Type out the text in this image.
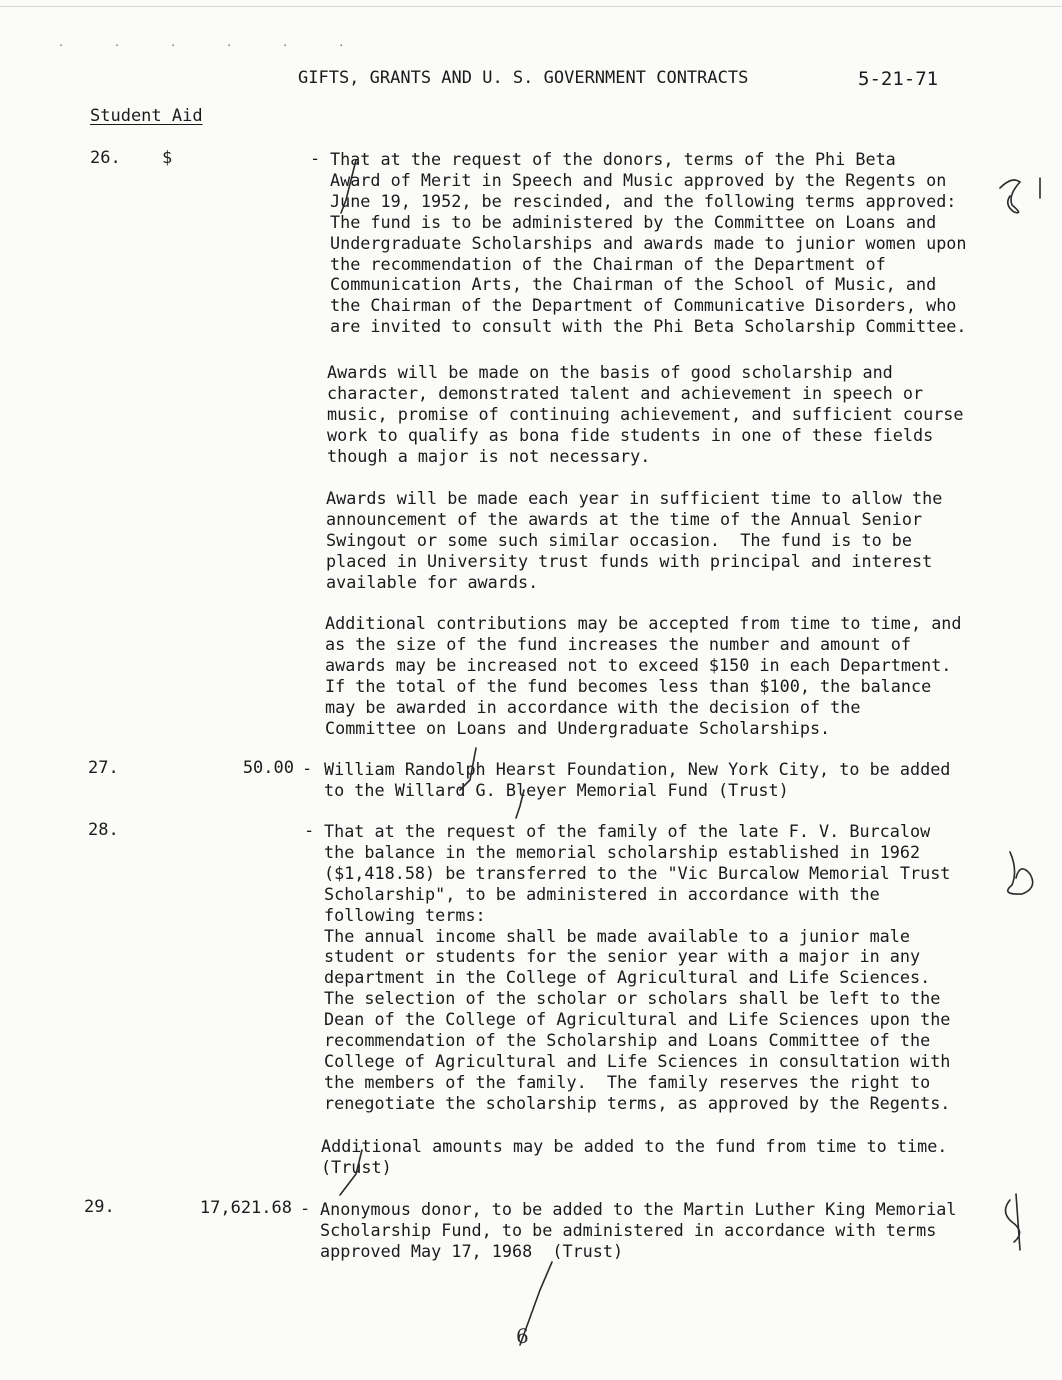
. . . . . .
GIFTS, GRANTS AND U. S. GOVERNMENT CONTRACTS	5-21-71
Student Aid
26. $	- That at the request of the donors, terms of the Phi Beta
Award of Merit in Speech and Music approved by the Regents on
June 19, 1952, be rescinded, and the following terms approved:
The fund is to be administered by the Committee on Loans and
Undergraduate Scholarships and awards made to junior women upon
the recommendation of the Chairman of the Department of
Communication Arts, the Chairman of the School of Music, and
the Chairman of the Department of Communicative Disorders, who
are invited to consult with the Phi Beta Scholarship Committee.
Awards will be made on the basis of good scholarship and
character, demonstrated talent and achievement in speech or
music, promise of continuing achievement, and sufficient course
work to qualify as bona fide students in one of these fields
though a major is not necessary.
Awards will be made each year in sufficient time to allow the
announcement of the awards at the time of the Annual Senior
Swingout or some such similar occasion.  The fund is to be
placed in University trust funds with principal and interest
available for awards.
Additional contributions may be accepted from time to time, and
as the size of the fund increases the number and amount of
awards may be increased not to exceed $150 in each Department.
If the total of the fund becomes less than $100, the balance
may be awarded in accordance with the decision of the
Committee on Loans and Undergraduate Scholarships.
27.	50.00 - William Randolph Hearst Foundation, New York City, to be added
to the Willard G. Bleyer Memorial Fund (Trust)
28.	- That at the request of the family of the late F. V. Burcalow
the balance in the memorial scholarship established in 1962
($1,418.58) be transferred to the "Vic Burcalow Memorial Trust
Scholarship", to be administered in accordance with the
following terms:
The annual income shall be made available to a junior male
student or students for the senior year with a major in any
department in the College of Agricultural and Life Sciences.
The selection of the scholar or scholars shall be left to the
Dean of the College of Agricultural and Life Sciences upon the
recommendation of the Scholarship and Loans Committee of the
College of Agricultural and Life Sciences in consultation with
the members of the family.  The family reserves the right to
renegotiate the scholarship terms, as approved by the Regents.
Additional amounts may be added to the fund from time to time.
(Trust)
29.	17,621.68 - Anonymous donor, to be added to the Martin Luther King Memorial
Scholarship Fund, to be administered in accordance with terms
approved May 17, 1968  (Trust)
6
